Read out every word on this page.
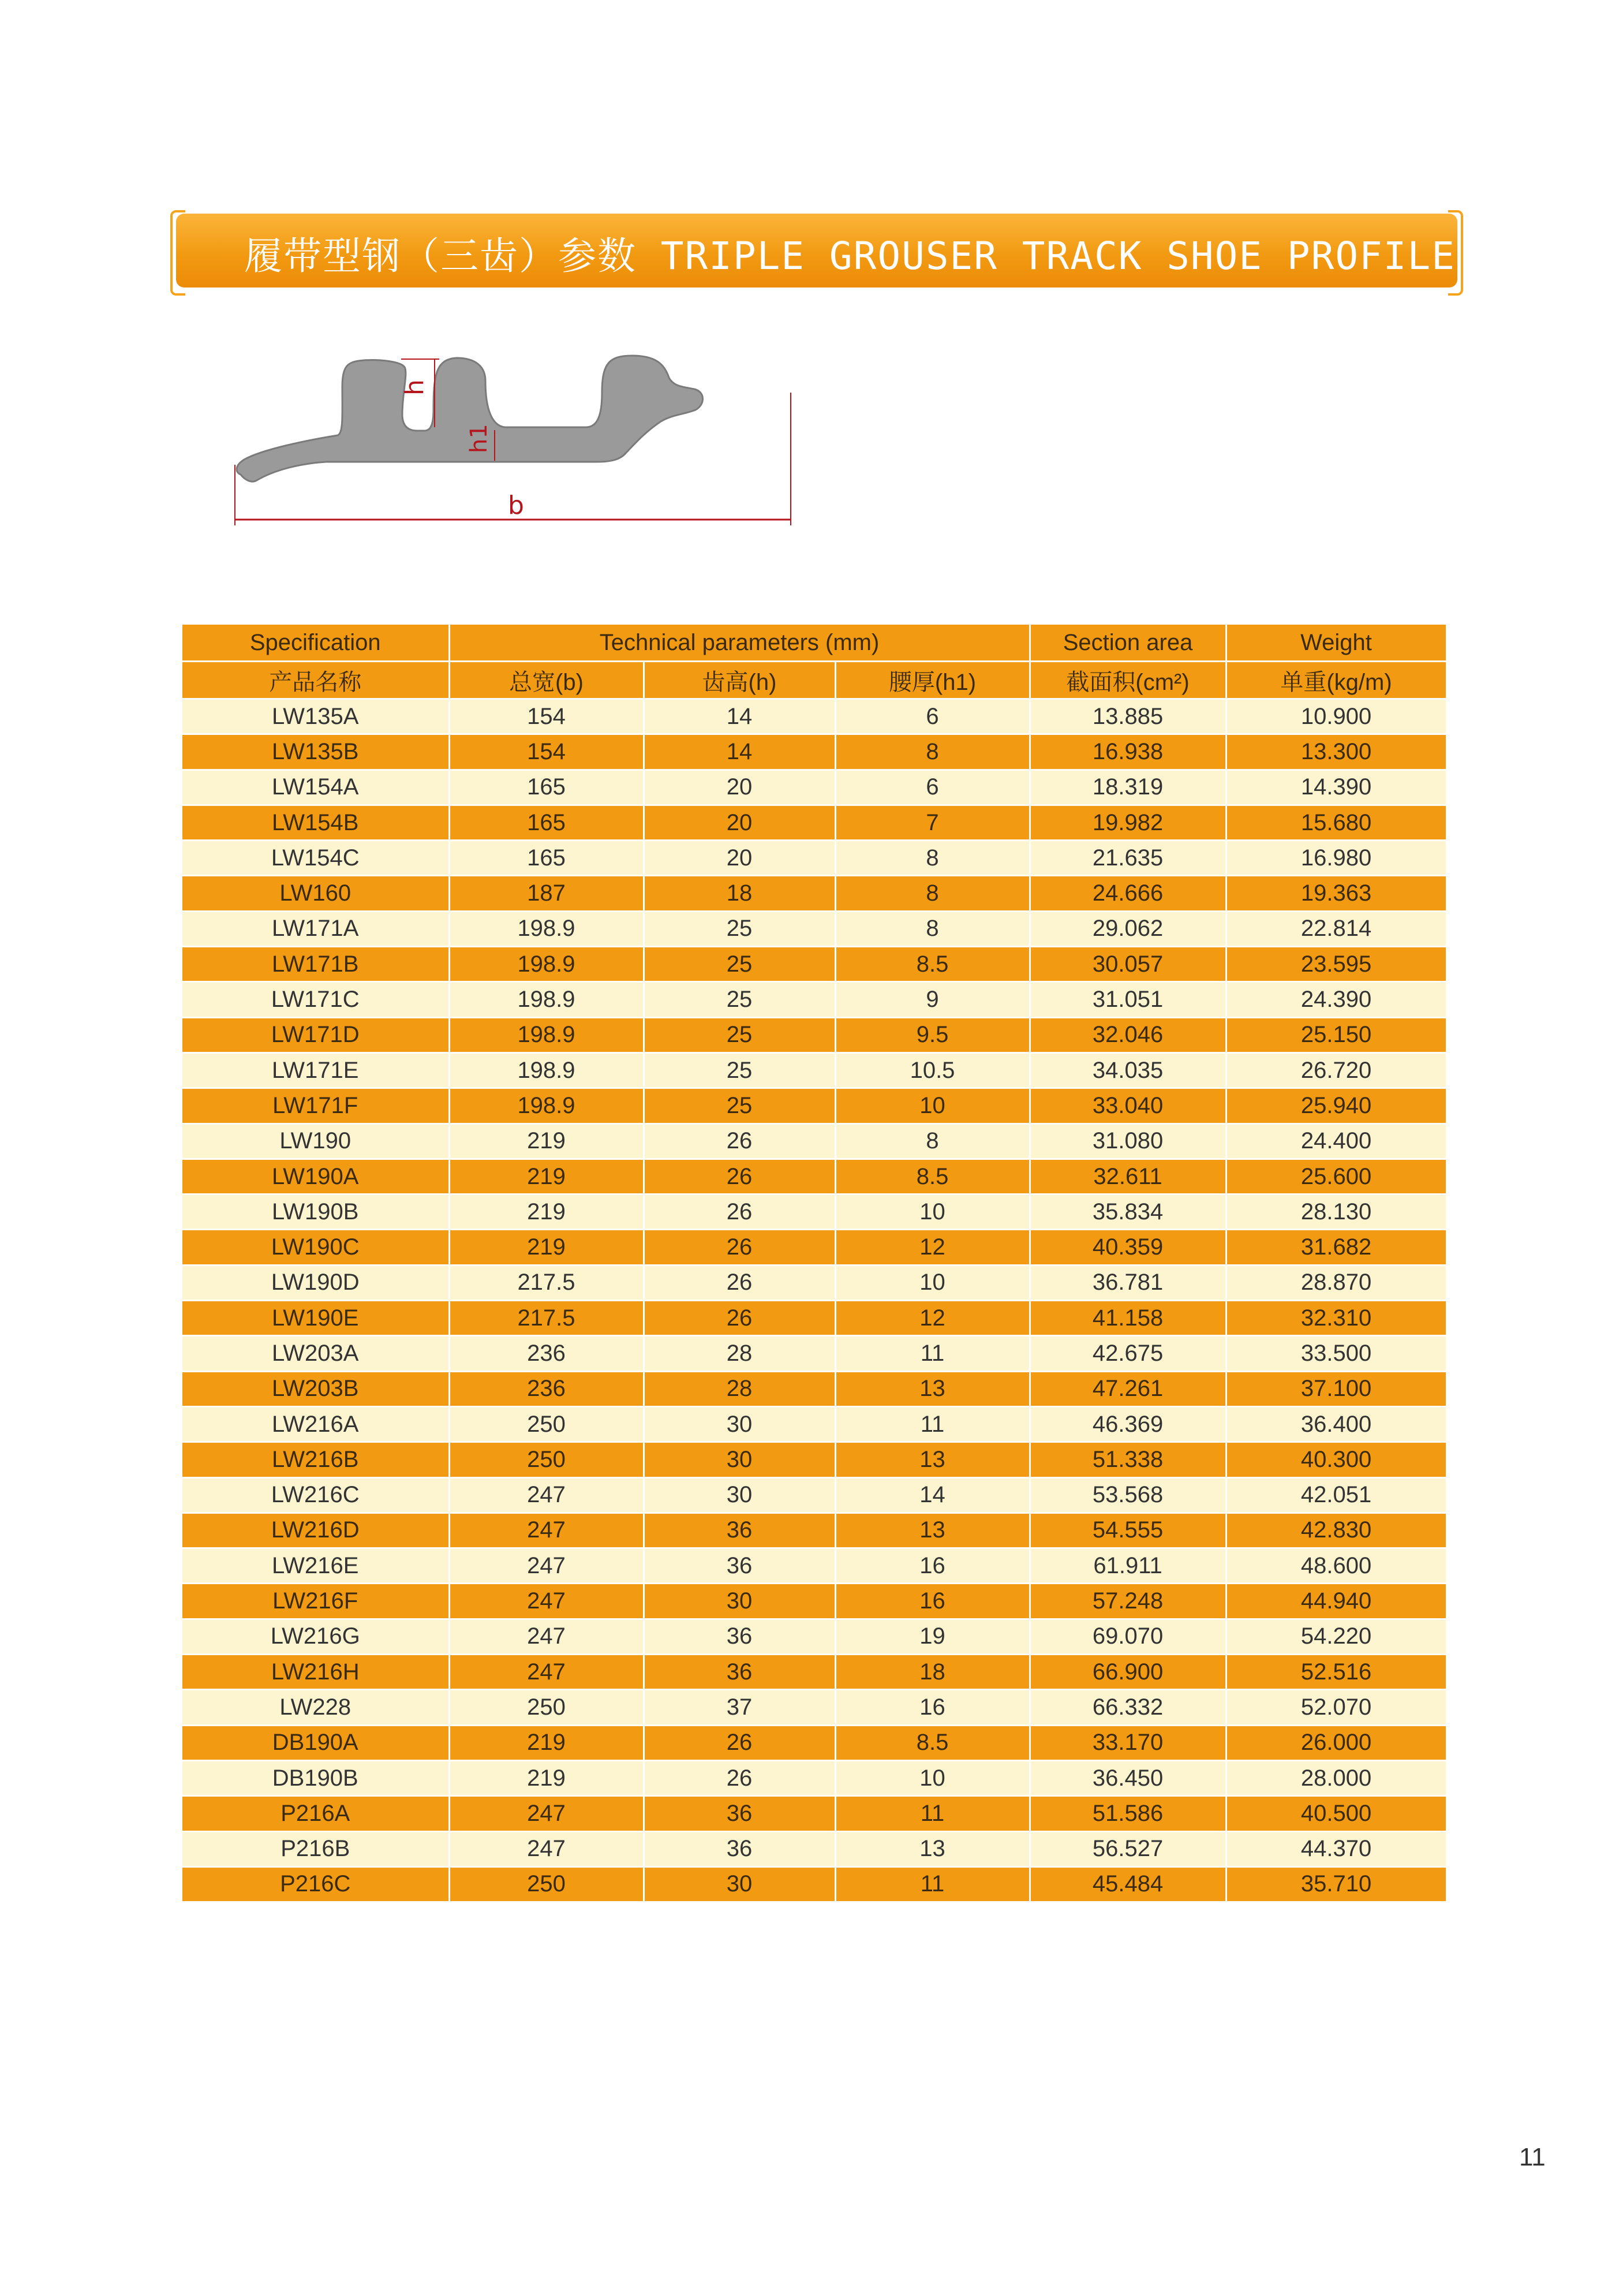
履带型钢（三齿）参数 TRIPLE GROUSER TRACK SHOE PROFILE
h
h1
b
Specification	Technical parameters (mm)			Section area	Weight
产品名称	总宽(b)	齿高(h)	腰厚(h1)	截面积(cm²)	单重(kg/m)
LW135A	154	14	6	13.885	10.900
LW135B	154	14	8	16.938	13.300
LW154A	165	20	6	18.319	14.390
LW154B	165	20	7	19.982	15.680
LW154C	165	20	8	21.635	16.980
LW160	187	18	8	24.666	19.363
LW171A	198.9	25	8	29.062	22.814
LW171B	198.9	25	8.5	30.057	23.595
LW171C	198.9	25	9	31.051	24.390
LW171D	198.9	25	9.5	32.046	25.150
LW171E	198.9	25	10.5	34.035	26.720
LW171F	198.9	25	10	33.040	25.940
LW190	219	26	8	31.080	24.400
LW190A	219	26	8.5	32.611	25.600
LW190B	219	26	10	35.834	28.130
LW190C	219	26	12	40.359	31.682
LW190D	217.5	26	10	36.781	28.870
LW190E	217.5	26	12	41.158	32.310
LW203A	236	28	11	42.675	33.500
LW203B	236	28	13	47.261	37.100
LW216A	250	30	11	46.369	36.400
LW216B	250	30	13	51.338	40.300
LW216C	247	30	14	53.568	42.051
LW216D	247	36	13	54.555	42.830
LW216E	247	36	16	61.911	48.600
LW216F	247	30	16	57.248	44.940
LW216G	247	36	19	69.070	54.220
LW216H	247	36	18	66.900	52.516
LW228	250	37	16	66.332	52.070
DB190A	219	26	8.5	33.170	26.000
DB190B	219	26	10	36.450	28.000
P216A	247	36	11	51.586	40.500
P216B	247	36	13	56.527	44.370
P216C	250	30	11	45.484	35.710
11
